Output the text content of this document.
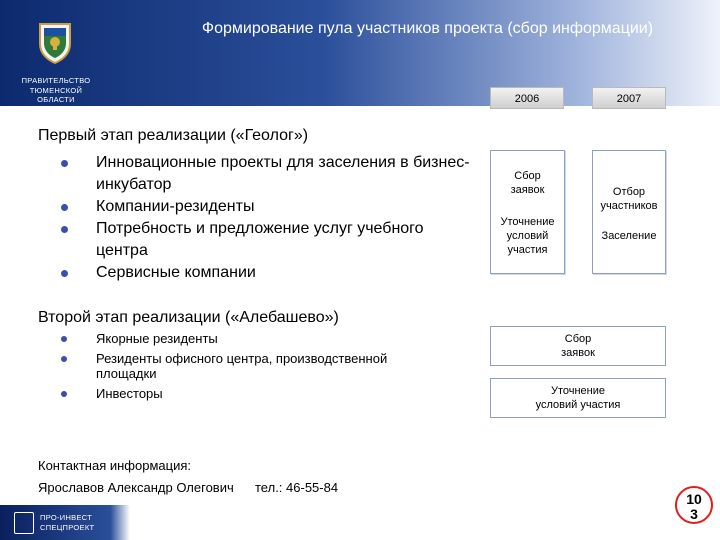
ПРАВИТЕЛЬСТВО
ТЮМЕНСКОЙ
ОБЛАСТИ
Формирование пула участников проекта (сбор информации)
2006	2007
Первый этап реализации («Геолог»)
Инновационные проекты для заселения в бизнес-инкубатор
Компании-резиденты
Потребность и предложение услуг учебного центра
Сервисные компании
Сбор
заявок
Уточнение
условий
участия
Отбор
участников
Заселение
Второй этап реализации («Алебашево»)
Якорные резиденты
Резиденты офисного центра, производственной площадки
Инвесторы
Сбор
заявок
Уточнение
условий участия
Контактная информация:
Ярославов Александр Олегович тел.: 46-55-84
ПРО-ИНВЕСТ
СПЕЦПРОЕКТ
10
3
